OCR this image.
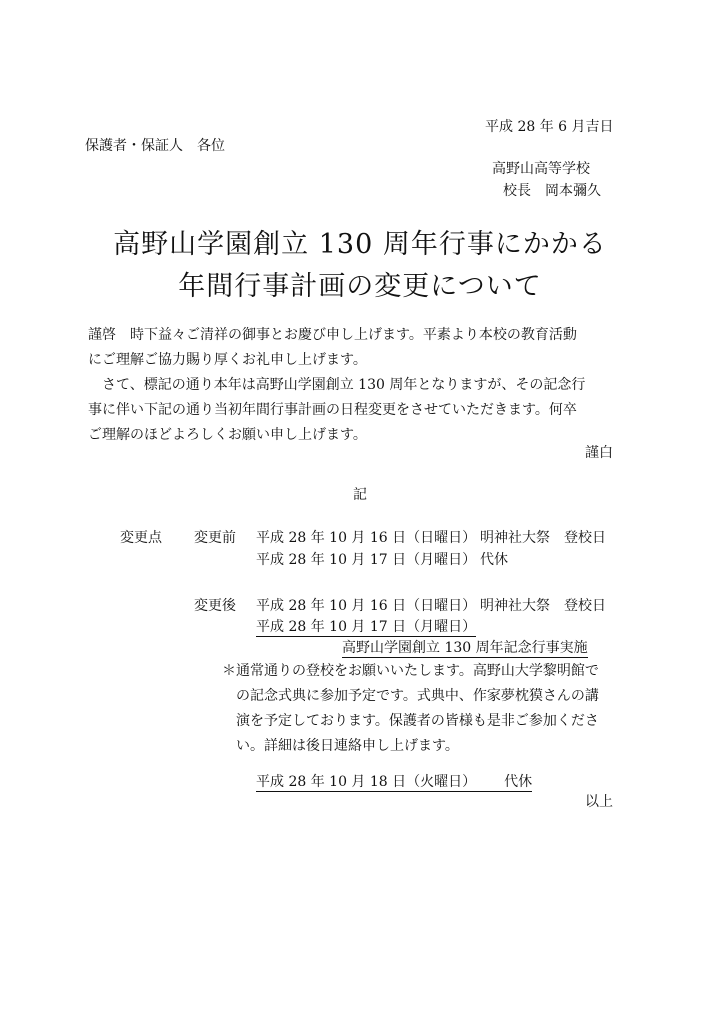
平成 28 年 6 月吉日
保護者・保証人　各位
高野山高等学校
校長　岡本彌久
高野山学園創立 130 周年行事にかかる
年間行事計画の変更について
謹啓　時下益々ご清祥の御事とお慶び申し上げます。平素より本校の教育活動
にご理解ご協力賜り厚くお礼申し上げます。
　さて、標記の通り本年は高野山学園創立 130 周年となりますが、その記念行
事に伴い下記の通り当初年間行事計画の日程変更をさせていただきます。何卒
ご理解のほどよろしくお願い申し上げます。
謹白
記
変更点 変更前 平成 28 年 10 月 16 日（日曜日） 明神社大祭　登校日
平成 28 年 10 月 17 日（月曜日） 代休
変更後 平成 28 年 10 月 16 日（日曜日） 明神社大祭　登校日
平成 28 年 10 月 17 日（月曜日）
高野山学園創立 130 周年記念行事実施
＊通常通りの登校をお願いいたします。高野山大学黎明館で
の記念式典に参加予定です。式典中、作家夢枕獏さんの講
演を予定しております。保護者の皆様も是非ご参加くださ
い。詳細は後日連絡申し上げます。
平成 28 年 10 月 18 日（火曜日） 代休
以上
